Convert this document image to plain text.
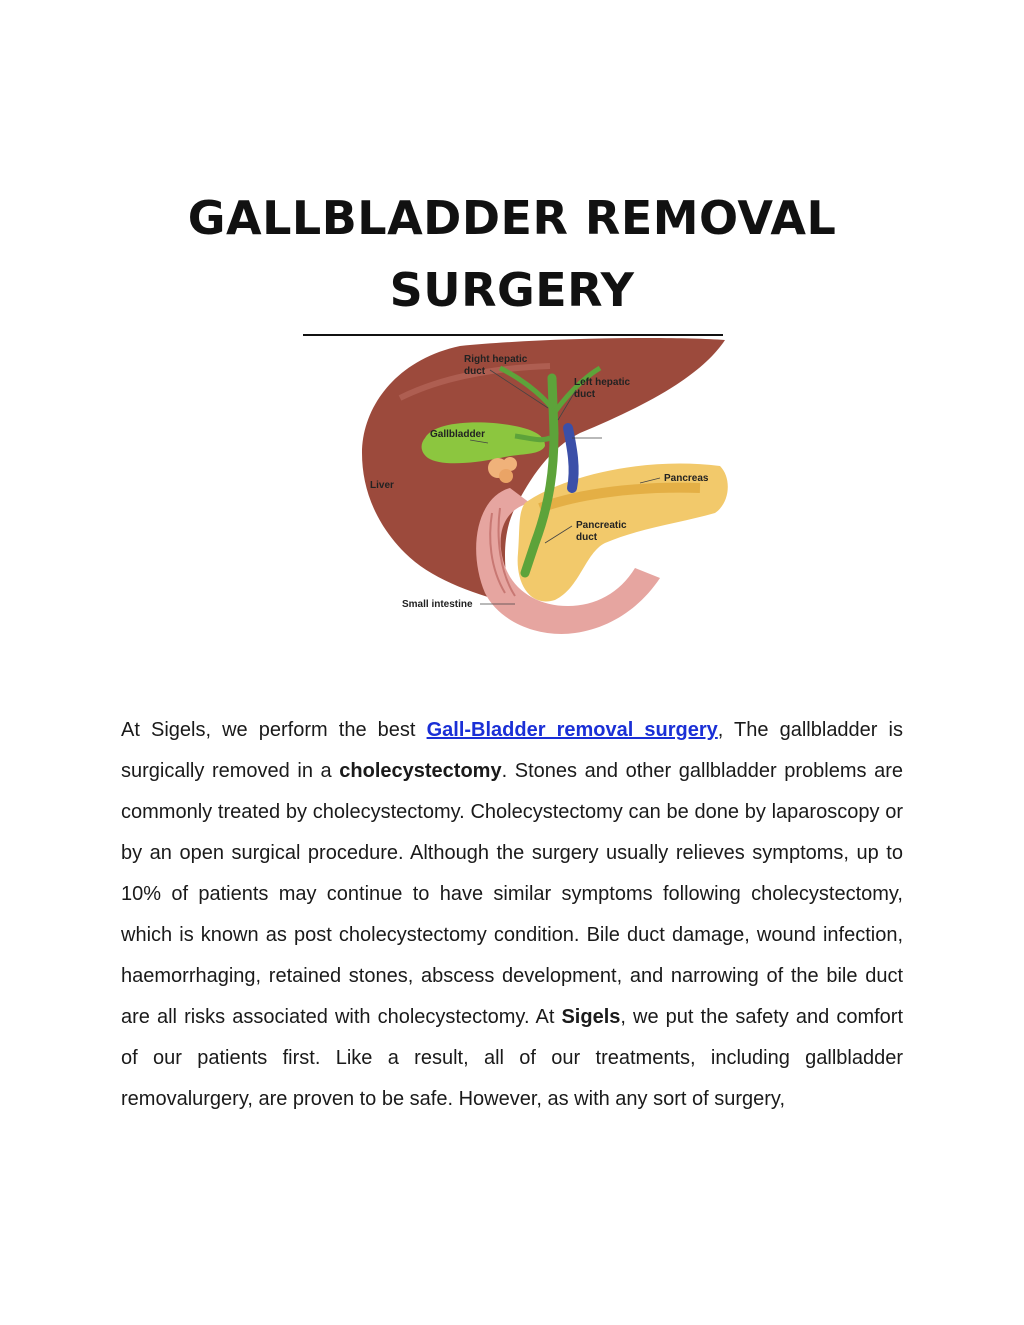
GALLBLADDER REMOVAL
SURGERY
Right hepatic
duct
Left hepatic
duct
Gallbladder
Liver
Pancreas
Pancreatic
duct
Small intestine

At Sigels, we perform the best Gall-Bladder removal surgery, The gallbladder is surgically removed in a cholecystectomy. Stones and other gallbladder problems are commonly treated by cholecystectomy. Cholecystectomy can be done by laparoscopy or by an open surgical procedure. Although the surgery usually relieves symptoms, up to 10% of patients may continue to have similar symptoms following cholecystectomy, which is known as post cholecystectomy condition. Bile duct damage, wound infection, haemorrhaging, retained stones, abscess development, and narrowing of the bile duct are all risks associated with cholecystectomy. At Sigels, we put the safety and comfort of our patients first. Like a result, all of our treatments, including gallbladder removalurgery, are proven to be safe. However, as with any sort of surgery,
